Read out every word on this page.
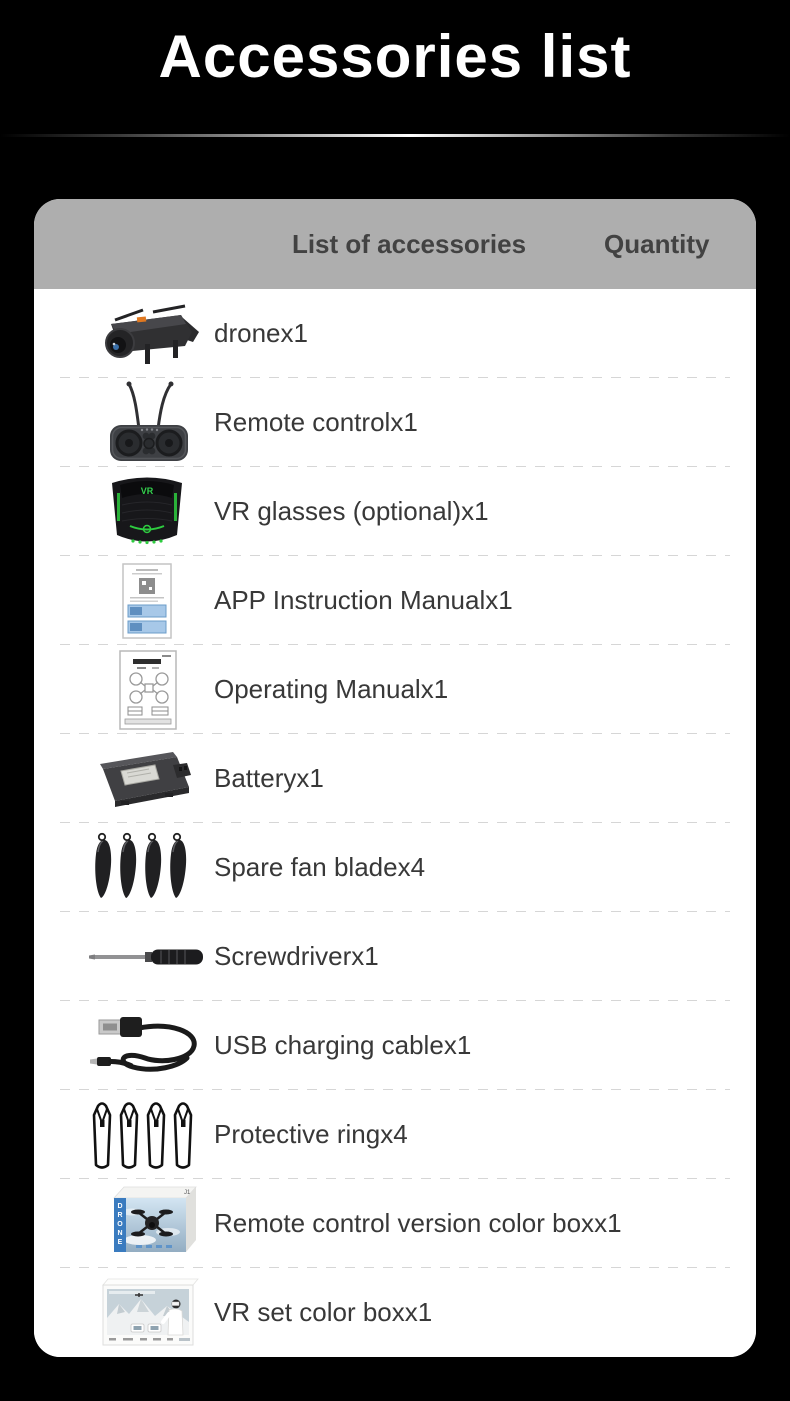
Accessories list
List of accessories	Quantity
drone x1
Remote control x1
VR
VR glasses (optional) x1
APP Instruction Manual x1
Operating Manual x1
Battery x1
Spare fan blade x4
Screwdriver x1
USB charging cable x1
Protective ring x4
J1
D
R
O
N
E
Remote control version color box x1
VR set color box x1
